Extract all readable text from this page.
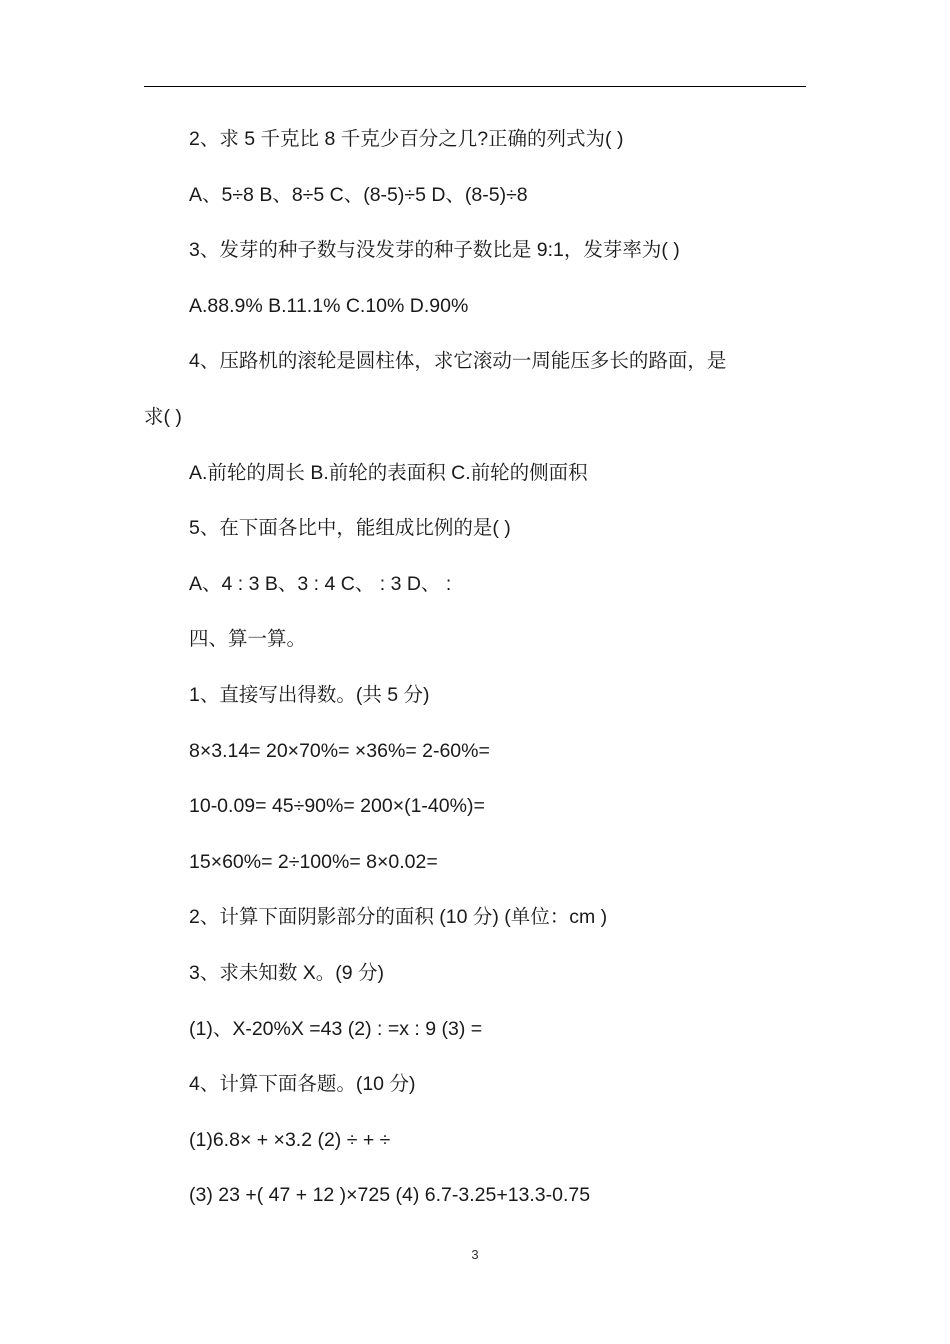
2、求 5 千克比 8 千克少百分之几?正确的列式为( )
A、5÷8 B、8÷5 C、(8-5)÷5 D、(8-5)÷8
3、发芽的种子数与没发芽的种子数比是 9:1，发芽率为( )
A.88.9% B.11.1% C.10% D.90%
4、压路机的滚轮是圆柱体，求它滚动一周能压多长的路面，是
求( )
A.前轮的周长 B.前轮的表面积 C.前轮的侧面积
5、在下面各比中，能组成比例的是( )
A、4 : 3 B、3 : 4 C、 : 3 D、 :
四、算一算。
1、直接写出得数。(共 5 分)
8×3.14= 20×70%= ×36%= 2-60%=
10-0.09= 45÷90%= 200×(1-40%)=
15×60%= 2÷100%= 8×0.02=
2、计算下面阴影部分的面积 (10 分) (单位：cm )
3、求未知数 X。(9 分)
(1)、X-20%X =43 (2) : =x : 9 (3) =
4、计算下面各题。(10 分)
(1)6.8× + ×3.2 (2) ÷ + ÷
(3) 23 +( 47 + 12 )×725 (4) 6.7-3.25+13.3-0.75
3
